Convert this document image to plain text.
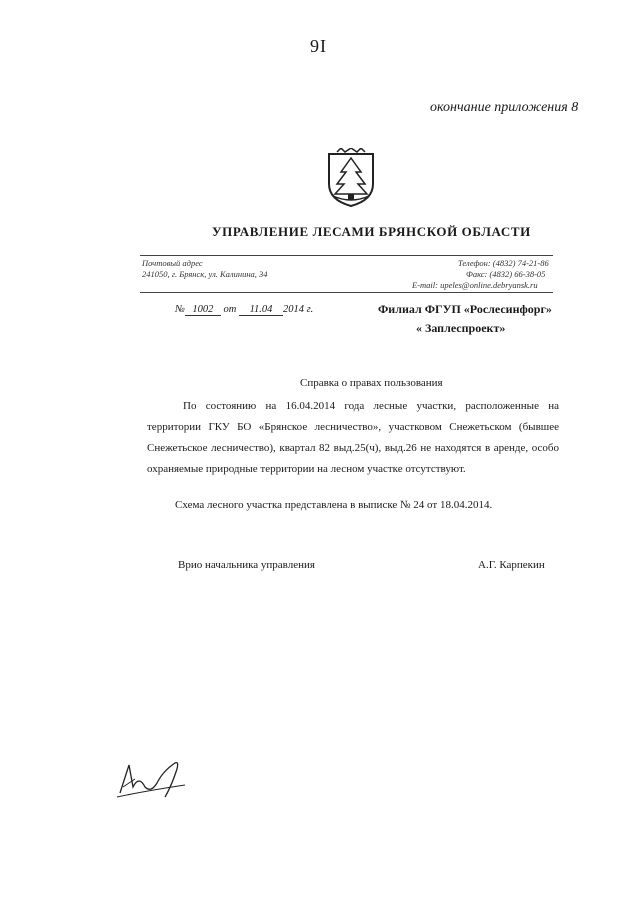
9I
окончание приложения 8
УПРАВЛЕНИЕ ЛЕСАМИ БРЯНСКОЙ ОБЛАСТИ
Почтовый адрес
241050, г. Брянск, ул. Калинина, 34
Телефон: (4832) 74-21-86
Факс: (4832) 66-38-05
E-mail: upeles@online.debryansk.ru
№ 1002 от 11.04 2014 г.	Филиал ФГУП «Рослесинфорг»
« Заплеспроект»
Справка о правах пользования
По состоянию на 16.04.2014 года лесные участки, расположенные на территории ГКУ БО «Брянское лесничество», участковом Снежетьском (бывшее Снежетьское лесничество), квартал 82 выд.25(ч), выд.26 не находятся в аренде, особо охраняемые природные территории на лесном участке отсутствуют.
Схема лесного участка представлена в выписке № 24 от 18.04.2014.
Врио начальника управления	А.Г. Карпекин
